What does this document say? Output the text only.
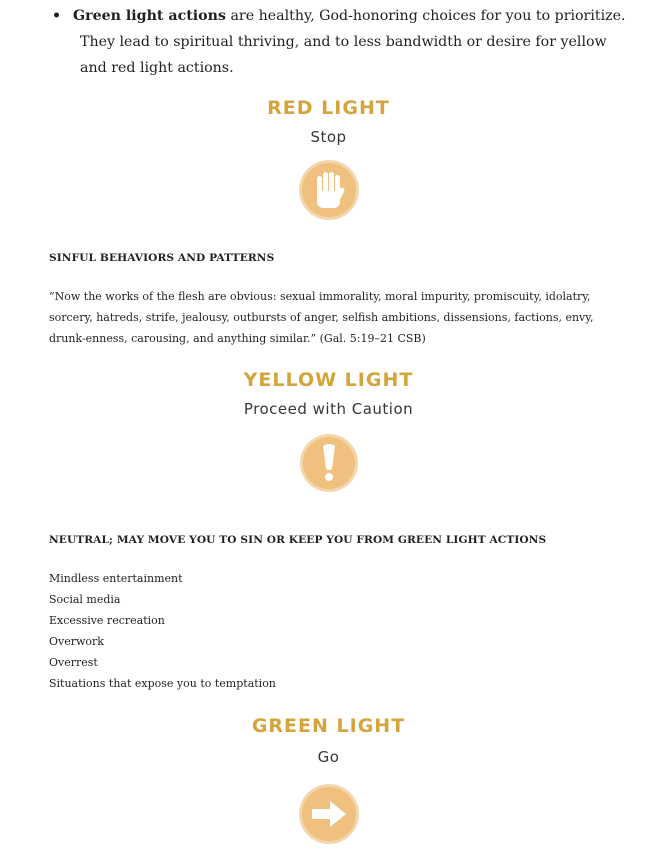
• Green light actions are healthy, God-honoring choices for you to prioritize. They lead to spiritual thriving, and to less bandwidth or desire for yellow and red light actions.

RED LIGHT
Stop
SINFUL BEHAVIORS AND PATTERNS
“Now the works of the flesh are obvious: sexual immorality, moral impurity, promiscuity, idolatry, sorcery, hatreds, strife, jealousy, outbursts of anger, selfish ambitions, dissensions, factions, envy, drunk-enness, carousing, and anything similar.” (Gal. 5:19–21 CSB)
YELLOW LIGHT
Proceed with Caution
NEUTRAL; MAY MOVE YOU TO SIN OR KEEP YOU FROM GREEN LIGHT ACTIONS
Mindless entertainment
Social media
Excessive recreation
Overwork
Overrest
Situations that expose you to temptation
GREEN LIGHT
Go
